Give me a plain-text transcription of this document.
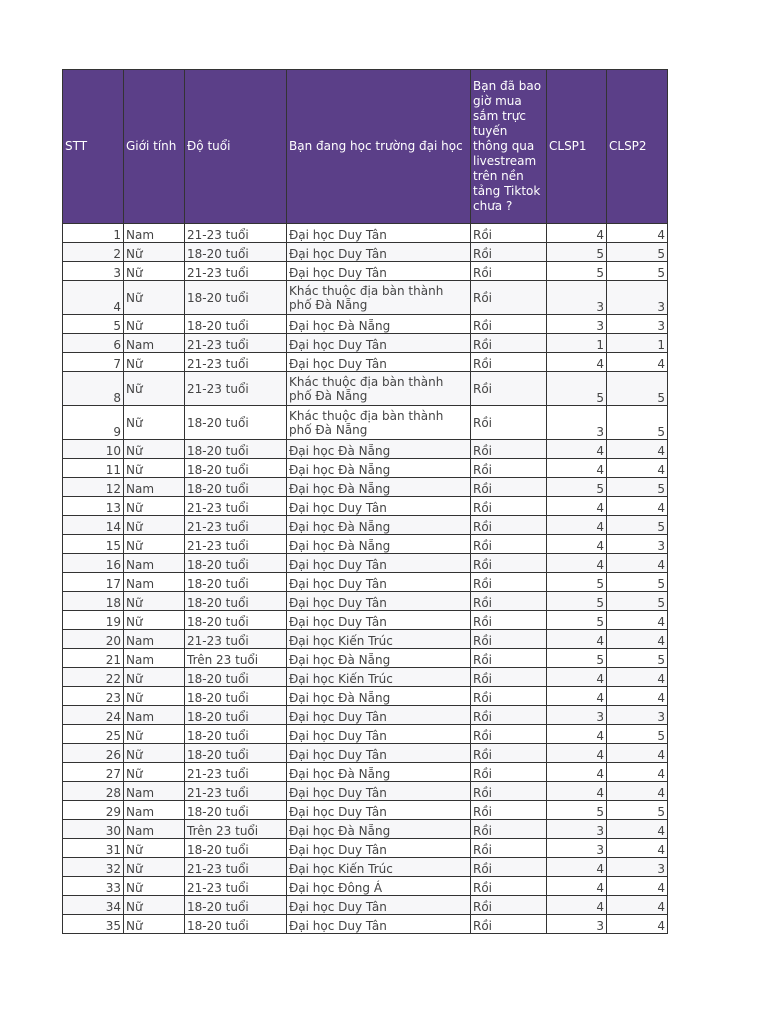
STT	Giới tính	Độ tuổi	Bạn đang học trường đại học	Bạn đã bao giờ mua sắm trực tuyến thông qua livestream trên nền tảng Tiktok chưa ?	CLSP1	CLSP2
1	Nam	21-23 tuổi	Đại học Duy Tân	Rồi	4	4
2	Nữ	18-20 tuổi	Đại học Duy Tân	Rồi	5	5
3	Nữ	21-23 tuổi	Đại học Duy Tân	Rồi	5	5
4	Nữ	18-20 tuổi	Khác thuộc địa bàn thành phố Đà Nẵng	Rồi	3	3
5	Nữ	18-20 tuổi	Đại học Đà Nẵng	Rồi	3	3
6	Nam	21-23 tuổi	Đại học Duy Tân	Rồi	1	1
7	Nữ	21-23 tuổi	Đại học Duy Tân	Rồi	4	4
8	Nữ	21-23 tuổi	Khác thuộc địa bàn thành phố Đà Nẵng	Rồi	5	5
9	Nữ	18-20 tuổi	Khác thuộc địa bàn thành phố Đà Nẵng	Rồi	3	5
10	Nữ	18-20 tuổi	Đại học Đà Nẵng	Rồi	4	4
11	Nữ	18-20 tuổi	Đại học Đà Nẵng	Rồi	4	4
12	Nam	18-20 tuổi	Đại học Đà Nẵng	Rồi	5	5
13	Nữ	21-23 tuổi	Đại học Duy Tân	Rồi	4	4
14	Nữ	21-23 tuổi	Đại học Đà Nẵng	Rồi	4	5
15	Nữ	21-23 tuổi	Đại học Đà Nẵng	Rồi	4	3
16	Nam	18-20 tuổi	Đại học Duy Tân	Rồi	4	4
17	Nam	18-20 tuổi	Đại học Duy Tân	Rồi	5	5
18	Nữ	18-20 tuổi	Đại học Duy Tân	Rồi	5	5
19	Nữ	18-20 tuổi	Đại học Duy Tân	Rồi	5	4
20	Nam	21-23 tuổi	Đại học Kiến Trúc	Rồi	4	4
21	Nam	Trên 23 tuổi	Đại học Đà Nẵng	Rồi	5	5
22	Nữ	18-20 tuổi	Đại học Kiến Trúc	Rồi	4	4
23	Nữ	18-20 tuổi	Đại học Đà Nẵng	Rồi	4	4
24	Nam	18-20 tuổi	Đại học Duy Tân	Rồi	3	3
25	Nữ	18-20 tuổi	Đại học Duy Tân	Rồi	4	5
26	Nữ	18-20 tuổi	Đại học Duy Tân	Rồi	4	4
27	Nữ	21-23 tuổi	Đại học Đà Nẵng	Rồi	4	4
28	Nam	21-23 tuổi	Đại học Duy Tân	Rồi	4	4
29	Nam	18-20 tuổi	Đại học Duy Tân	Rồi	5	5
30	Nam	Trên 23 tuổi	Đại học Đà Nẵng	Rồi	3	4
31	Nữ	18-20 tuổi	Đại học Duy Tân	Rồi	3	4
32	Nữ	21-23 tuổi	Đại học Kiến Trúc	Rồi	4	3
33	Nữ	21-23 tuổi	Đại học Đông Á	Rồi	4	4
34	Nữ	18-20 tuổi	Đại học Duy Tân	Rồi	4	4
35	Nữ	18-20 tuổi	Đại học Duy Tân	Rồi	3	4
